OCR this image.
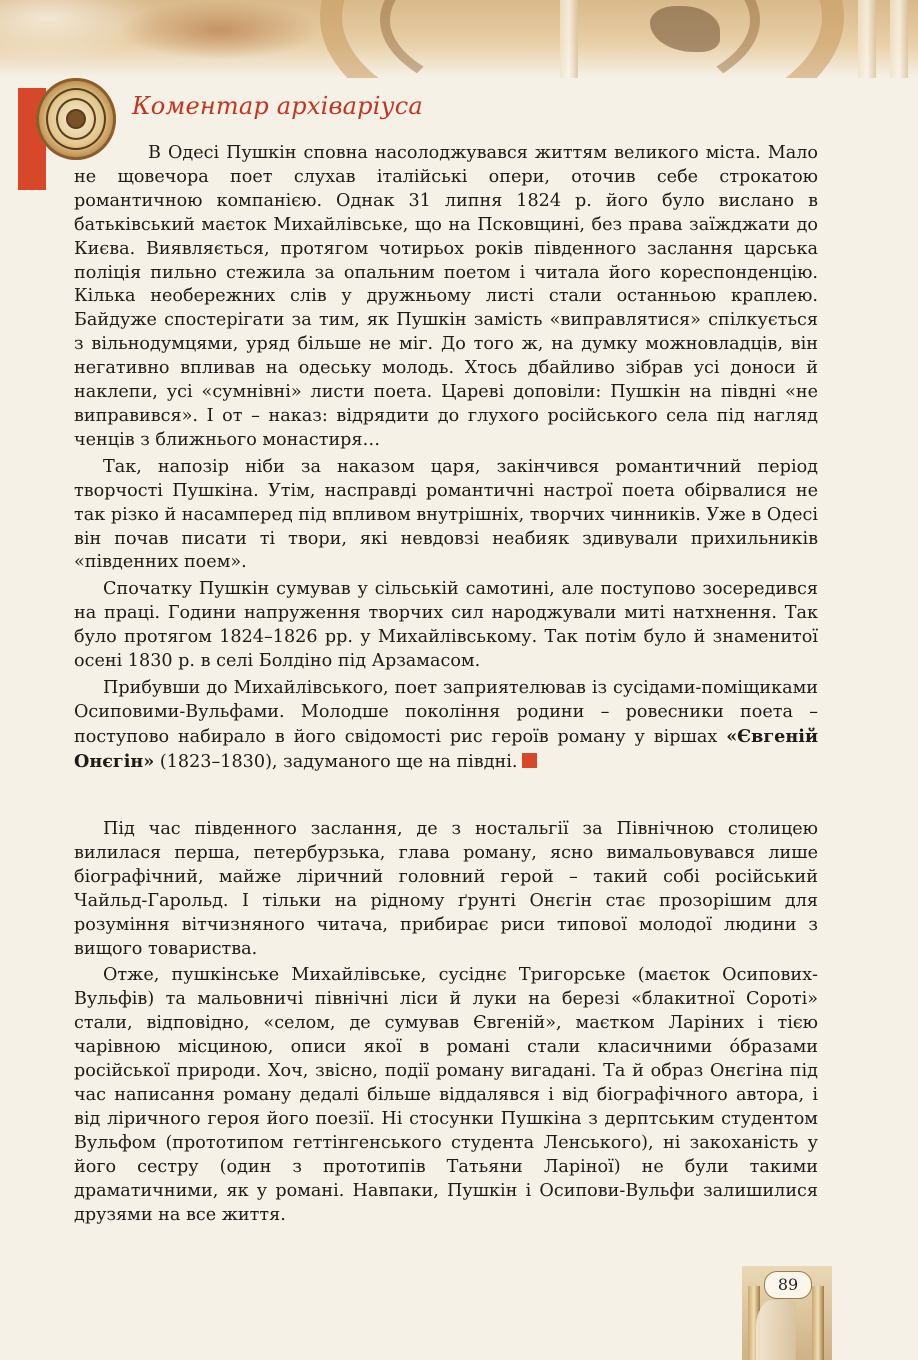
Коментар архіваріуса

В Одесі Пушкін сповна насолоджувався життям великого міста. Мало не щовечора поет слухав італійські опери, оточив себе строкатою романтичною компанією. Однак 31 липня 1824 р. його було вислано в батьківський маєток Михайлівське, що на Псковщині, без права заїжджати до Києва. Виявляється, протягом чотирьох років південного заслання царська поліція пильно стежила за опальним поетом і читала його кореспонденцію. Кілька необережних слів у дружньому листі стали останньою краплею. Байдуже спостерігати за тим, як Пушкін замість «виправлятися» спілкується з вільнодумцями, уряд більше не міг. До того ж, на думку можновладців, він негативно впливав на одеську молодь. Хтось дбайливо зібрав усі доноси й наклепи, усі «сумнівні» листи поета. Цареві доповіли: Пушкін на півдні «не виправився». І от – наказ: відрядити до глухого російського села під нагляд ченців з ближнього монастиря…

Так, напозір ніби за наказом царя, закінчився романтичний період творчості Пушкіна. Утім, насправді романтичні настрої поета обірвалися не так різко й насамперед під впливом внутрішніх, творчих чинників. Уже в Одесі він почав писати ті твори, які невдовзі неабияк здивували прихильників «південних поем».

Спочатку Пушкін сумував у сільській самотині, але поступово зосередився на праці. Години напруження творчих сил народжували миті натхнення. Так було протягом 1824–1826 рр. у Михайлівському. Так потім було й знаменитої осені 1830 р. в селі Болдіно під Арзамасом.

Прибувши до Михайлівського, поет заприятелював із сусідами-поміщиками Осиповими-Вульфами. Молодше покоління родини – ровесники поета – поступово набирало в його свідомості рис героїв роману у віршах «Євгеній Онєгін» (1823–1830), задуманого ще на півдні.

Під час південного заслання, де з ностальгії за Північною столицею вилилася перша, петербурзька, глава роману, ясно вимальовувався лише біографічний, майже ліричний головний герой – такий собі російський Чайльд-Гарольд. І тільки на рідному ґрунті Онєгін стає прозорішим для розуміння вітчизняного читача, прибирає риси типової молодої людини з вищого товариства.

Отже, пушкінське Михайлівське, сусіднє Тригорське (маєток Осипових-Вульфів) та мальовничі північні ліси й луки на березі «блакитної Сороті» стали, відповідно, «селом, де сумував Євгеній», маєтком Ларіних і тією чарівною місциною, описи якої в романі стали класичними óбразами російської природи. Хоч, звісно, події роману вигадані. Та й образ Онєгіна під час написання роману дедалі більше віддалявся і від біографічного автора, і від ліричного героя його поезії. Ні стосунки Пушкіна з дерптським студентом Вульфом (прототипом геттінгенського студента Ленського), ні закоханість у його сестру (один з прототипів Татьяни Ларіної) не були такими драматичними, як у романі. Навпаки, Пушкін і Осипови-Вульфи залишилися друзями на все життя.

89
